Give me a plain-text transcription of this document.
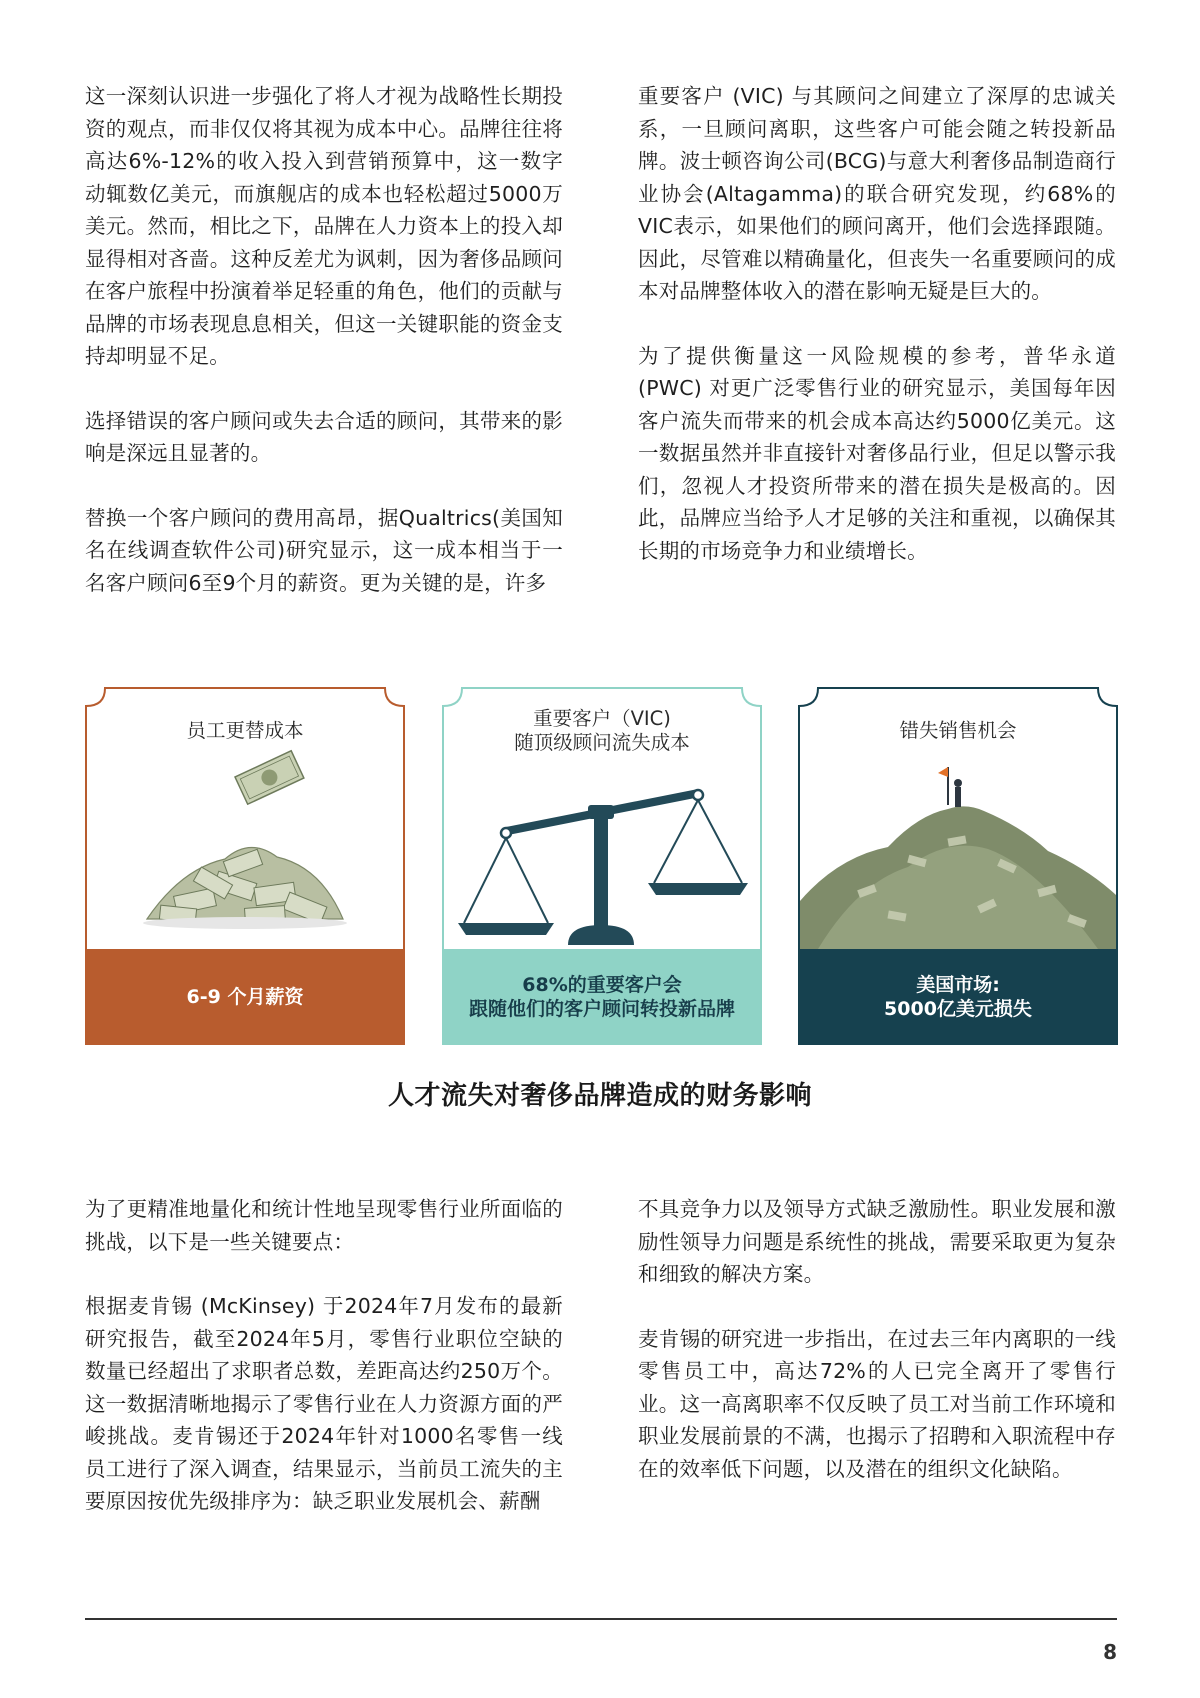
这一深刻认识进一步强化了将人才视为战略性长期投资的观点，而非仅仅将其视为成本中心。品牌往往将高达6%-12%的收入投入到营销预算中，这一数字动辄数亿美元，而旗舰店的成本也轻松超过5000万美元。然而，相比之下，品牌在人力资本上的投入却显得相对吝啬。这种反差尤为讽刺，因为奢侈品顾问在客户旅程中扮演着举足轻重的角色，他们的贡献与品牌的市场表现息息相关，但这一关键职能的资金支持却明显不足。

选择错误的客户顾问或失去合适的顾问，其带来的影响是深远且显著的。

替换一个客户顾问的费用高昂，据Qualtrics(美国知名在线调查软件公司)研究显示，这一成本相当于一名客户顾问6至9个月的薪资。更为关键的是，许多

重要客户 (VIC) 与其顾问之间建立了深厚的忠诚关系，一旦顾问离职，这些客户可能会随之转投新品牌。波士顿咨询公司(BCG)与意大利奢侈品制造商行业协会(Altagamma)的联合研究发现，约68%的VIC表示，如果他们的顾问离开，他们会选择跟随。因此，尽管难以精确量化，但丧失一名重要顾问的成本对品牌整体收入的潜在影响无疑是巨大的。

为了提供衡量这一风险规模的参考，普华永道 (PWC) 对更广泛零售行业的研究显示，美国每年因客户流失而带来的机会成本高达约5000亿美元。这一数据虽然并非直接针对奢侈品行业，但足以警示我们，忽视人才投资所带来的潜在损失是极高的。因此，品牌应当给予人才足够的关注和重视，以确保其长期的市场竞争力和业绩增长。

员工更替成本
6-9 个月薪资
重要客户（VIC)
随顶级顾问流失成本
68%的重要客户会
跟随他们的客户顾问转投新品牌
错失销售机会
美国市场:
5000亿美元损失
人才流失对奢侈品牌造成的财务影响

为了更精准地量化和统计性地呈现零售行业所面临的挑战，以下是一些关键要点：

根据麦肯锡 (McKinsey) 于2024年7月发布的最新研究报告，截至2024年5月，零售行业职位空缺的数量已经超出了求职者总数，差距高达约250万个。这一数据清晰地揭示了零售行业在人力资源方面的严峻挑战。麦肯锡还于2024年针对1000名零售一线员工进行了深入调查，结果显示，当前员工流失的主要原因按优先级排序为：缺乏职业发展机会、薪酬

不具竞争力以及领导方式缺乏激励性。职业发展和激励性领导力问题是系统性的挑战，需要采取更为复杂和细致的解决方案。

麦肯锡的研究进一步指出，在过去三年内离职的一线零售员工中，高达72%的人已完全离开了零售行业。这一高离职率不仅反映了员工对当前工作环境和职业发展前景的不满，也揭示了招聘和入职流程中存在的效率低下问题，以及潜在的组织文化缺陷。

8
